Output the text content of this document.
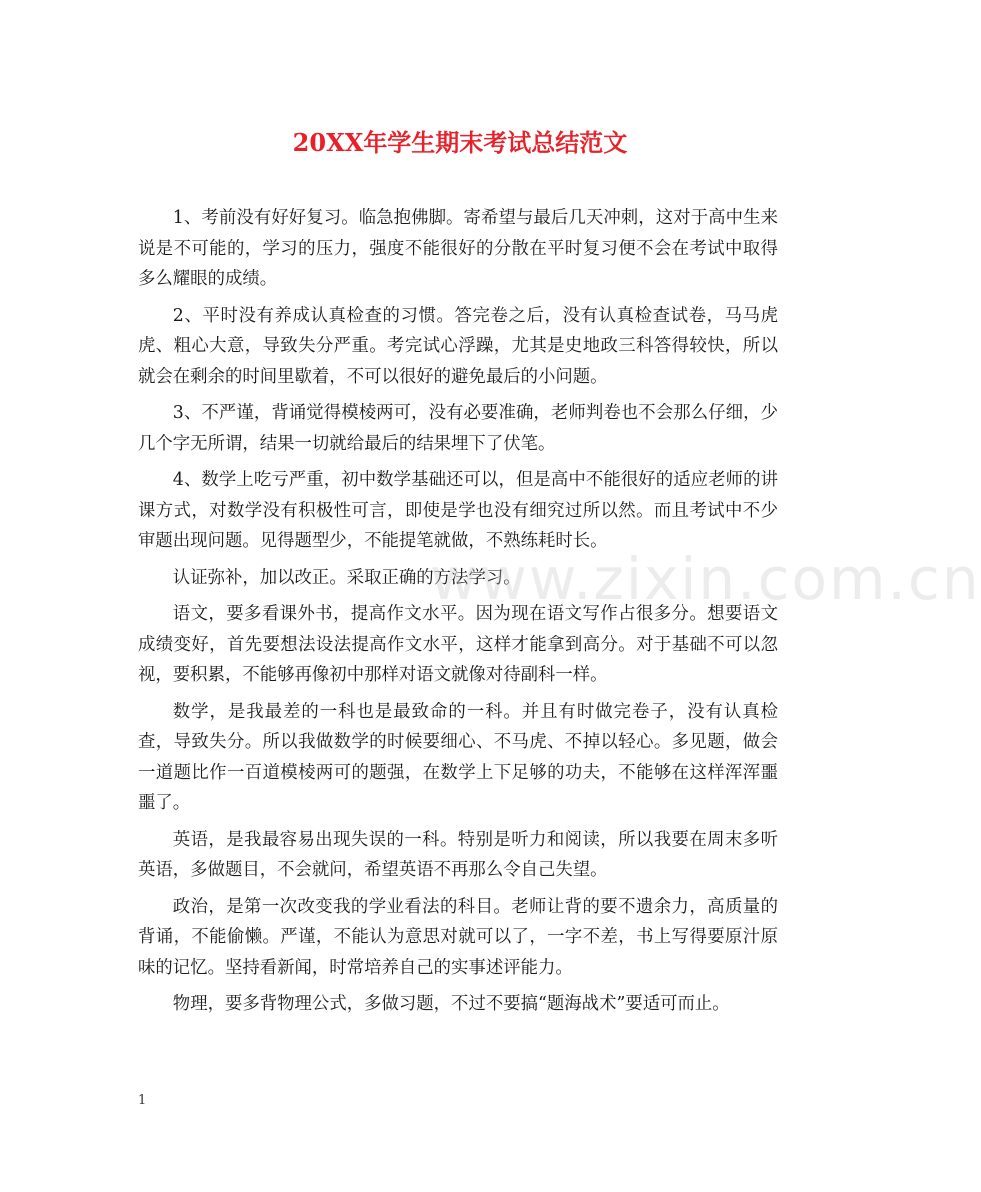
20XX年学生期末考试总结范文

1、考前没有好好复习。临急抱佛脚。寄希望与最后几天冲刺，这对于高中生来说是不可能的，学习的压力，强度不能很好的分散在平时复习便不会在考试中取得多么耀眼的成绩。

2、平时没有养成认真检查的习惯。答完卷之后，没有认真检查试卷，马马虎虎、粗心大意，导致失分严重。考完试心浮躁，尤其是史地政三科答得较快，所以就会在剩余的时间里歇着，不可以很好的避免最后的小问题。

3、不严谨，背诵觉得模棱两可，没有必要准确，老师判卷也不会那么仔细，少几个字无所谓，结果一切就给最后的结果埋下了伏笔。

4、数学上吃亏严重，初中数学基础还可以，但是高中不能很好的适应老师的讲课方式，对数学没有积极性可言，即使是学也没有细究过所以然。而且考试中不少审题出现问题。见得题型少，不能提笔就做，不熟练耗时长。

认证弥补，加以改正。采取正确的方法学习。

语文，要多看课外书，提高作文水平。因为现在语文写作占很多分。想要语文成绩变好，首先要想法设法提高作文水平，这样才能拿到高分。对于基础不可以忽视，要积累，不能够再像初中那样对语文就像对待副科一样。

数学，是我最差的一科也是最致命的一科。并且有时做完卷子，没有认真检查，导致失分。所以我做数学的时候要细心、不马虎、不掉以轻心。多见题，做会一道题比作一百道模棱两可的题强，在数学上下足够的功夫，不能够在这样浑浑噩噩了。

英语，是我最容易出现失误的一科。特别是听力和阅读，所以我要在周末多听英语，多做题目，不会就问，希望英语不再那么令自己失望。

政治，是第一次改变我的学业看法的科目。老师让背的要不遗余力，高质量的背诵，不能偷懒。严谨，不能认为意思对就可以了，一字不差，书上写得要原汁原味的记忆。坚持看新闻，时常培养自己的实事述评能力。

物理，要多背物理公式，多做习题，不过不要搞“题海战术”要适可而止。

www.zixin.com.cn
1
